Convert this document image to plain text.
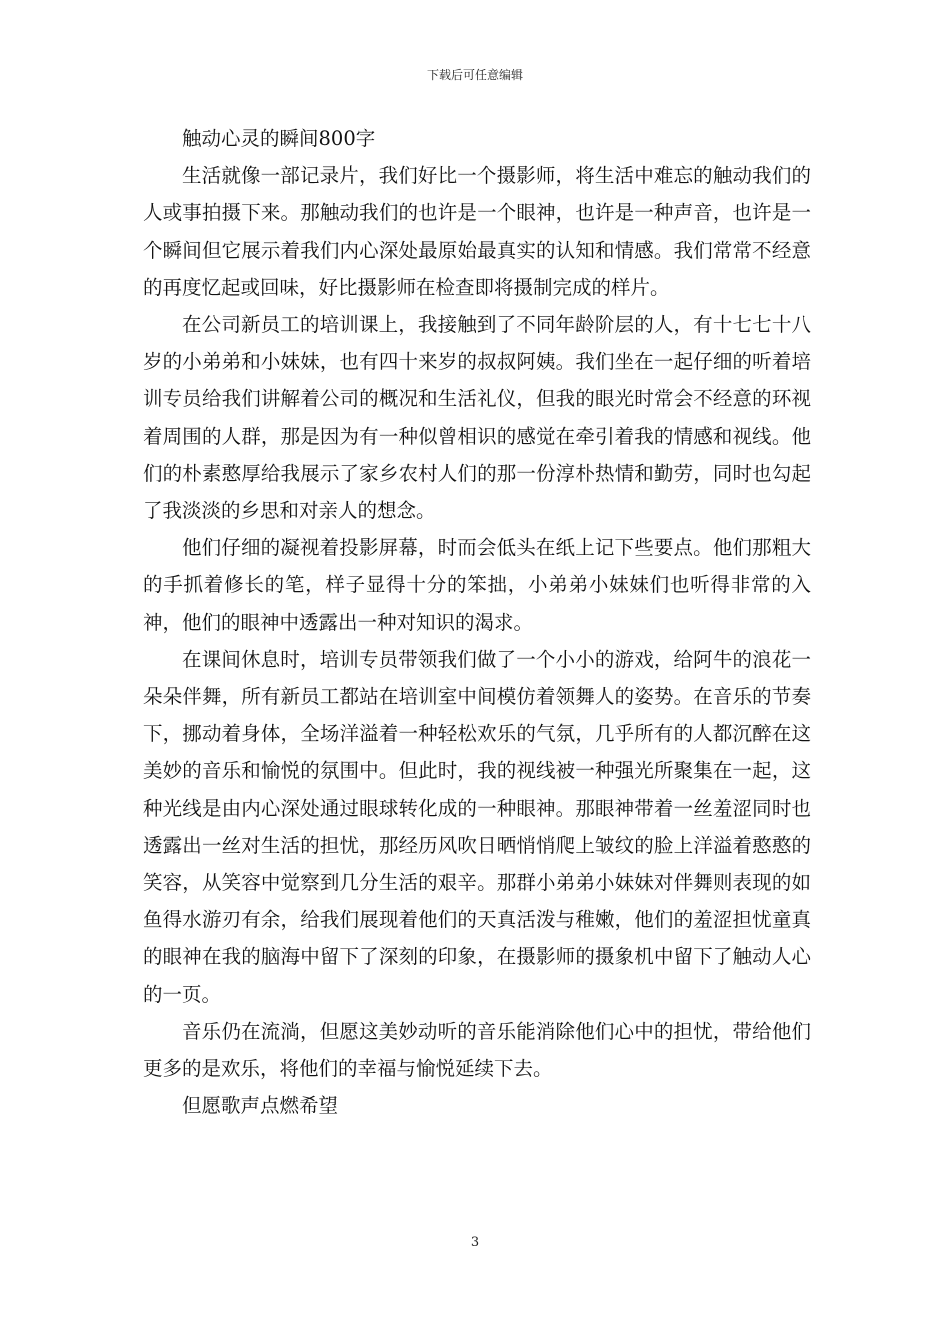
下载后可任意编辑

触动心灵的瞬间800字

生活就像一部记录片，我们好比一个摄影师，将生活中难忘的触动我们的人或事拍摄下来。那触动我们的也许是一个眼神，也许是一种声音，也许是一个瞬间但它展示着我们内心深处最原始最真实的认知和情感。我们常常不经意的再度忆起或回味，好比摄影师在检查即将摄制完成的样片。

在公司新员工的培训课上，我接触到了不同年龄阶层的人，有十七七十八岁的小弟弟和小妹妹，也有四十来岁的叔叔阿姨。我们坐在一起仔细的听着培训专员给我们讲解着公司的概况和生活礼仪，但我的眼光时常会不经意的环视着周围的人群，那是因为有一种似曾相识的感觉在牵引着我的情感和视线。他们的朴素憨厚给我展示了家乡农村人们的那一份淳朴热情和勤劳，同时也勾起了我淡淡的乡思和对亲人的想念。

他们仔细的凝视着投影屏幕，时而会低头在纸上记下些要点。他们那粗大的手抓着修长的笔，样子显得十分的笨拙，小弟弟小妹妹们也听得非常的入神，他们的眼神中透露出一种对知识的渴求。

在课间休息时，培训专员带领我们做了一个小小的游戏，给阿牛的浪花一朵朵伴舞，所有新员工都站在培训室中间模仿着领舞人的姿势。在音乐的节奏下，挪动着身体，全场洋溢着一种轻松欢乐的气氛，几乎所有的人都沉醉在这美妙的音乐和愉悦的氛围中。但此时，我的视线被一种强光所聚集在一起，这种光线是由内心深处通过眼球转化成的一种眼神。那眼神带着一丝羞涩同时也透露出一丝对生活的担忧，那经历风吹日晒悄悄爬上皱纹的脸上洋溢着憨憨的笑容，从笑容中觉察到几分生活的艰辛。那群小弟弟小妹妹对伴舞则表现的如鱼得水游刃有余，给我们展现着他们的天真活泼与稚嫩，他们的羞涩担忧童真的眼神在我的脑海中留下了深刻的印象，在摄影师的摄象机中留下了触动人心的一页。

音乐仍在流淌，但愿这美妙动听的音乐能消除他们心中的担忧，带给他们更多的是欢乐，将他们的幸福与愉悦延续下去。

但愿歌声点燃希望

3
